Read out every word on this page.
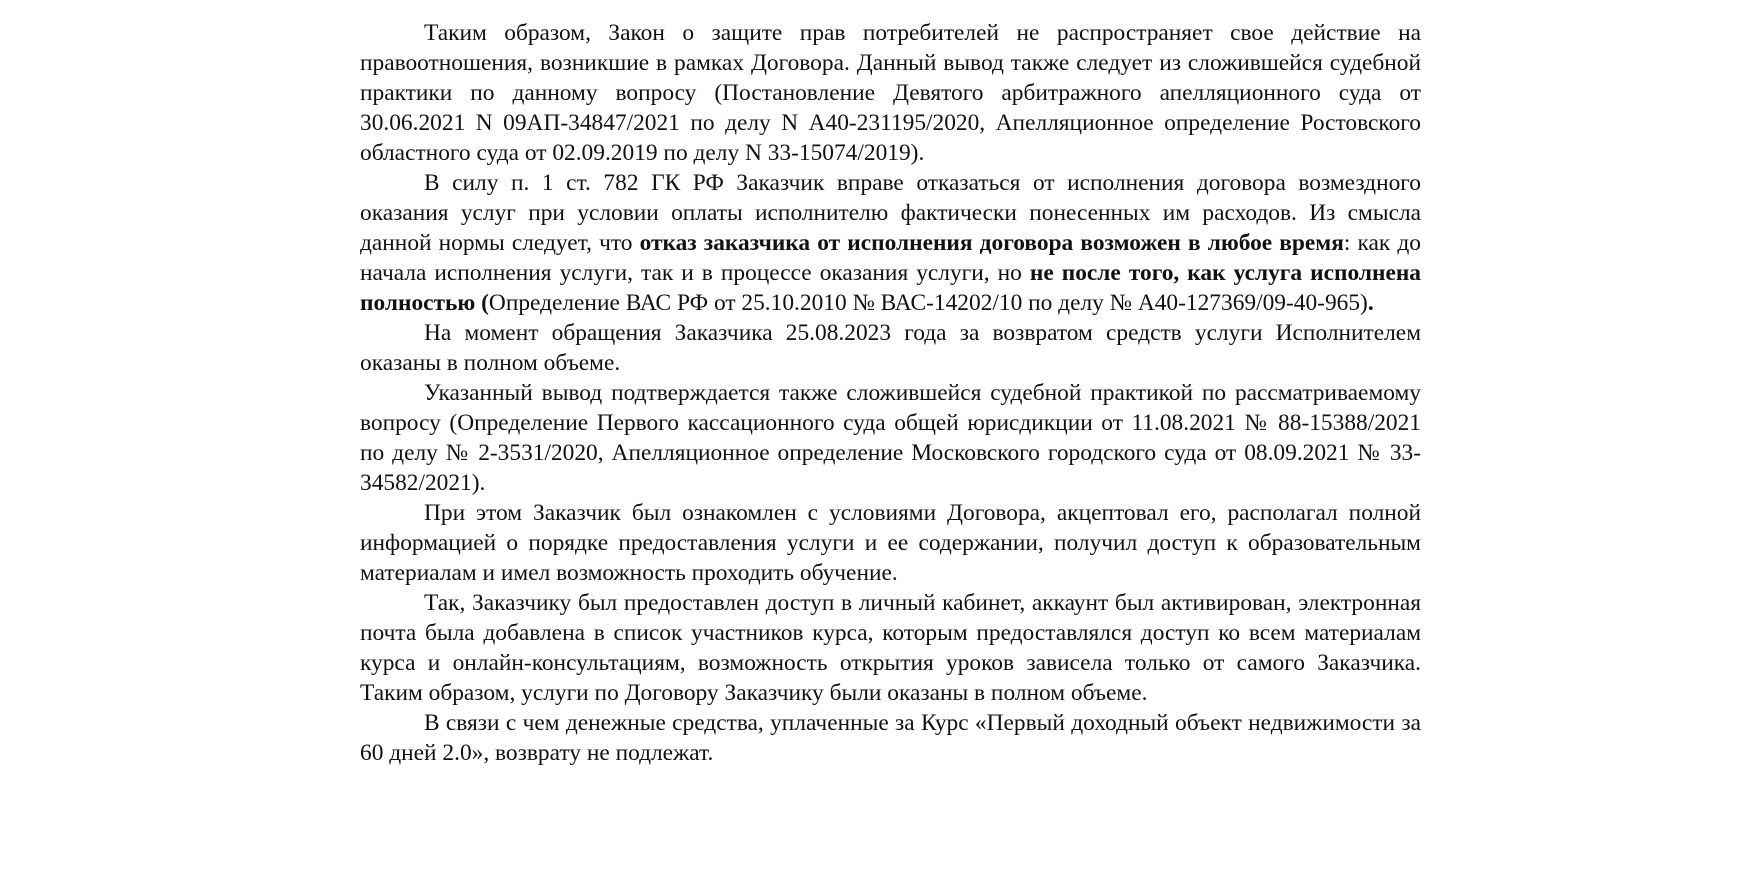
Таким образом, Закон о защите прав потребителей не распространяет свое действие на правоотношения, возникшие в рамках Договора. Данный вывод также следует из сложившейся судебной практики по данному вопросу (Постановление Девятого арбитражного апелляционного суда от 30.06.2021 N 09АП-34847/2021 по делу N А40-231195/2020, Апелляционное определение Ростовского областного суда от 02.09.2019 по делу N 33-15074/2019).

В силу п. 1 ст. 782 ГК РФ Заказчик вправе отказаться от исполнения договора возмездного оказания услуг при условии оплаты исполнителю фактически понесенных им расходов. Из смысла данной нормы следует, что отказ заказчика от исполнения договора возможен в любое время: как до начала исполнения услуги, так и в процессе оказания услуги, но не после того, как услуга исполнена полностью (Определение ВАС РФ от 25.10.2010 № ВАС-14202/10 по делу № А40-127369/09-40-965).

На момент обращения Заказчика 25.08.2023 года за возвратом средств услуги Исполнителем оказаны в полном объеме.

Указанный вывод подтверждается также сложившейся судебной практикой по рассматриваемому вопросу (Определение Первого кассационного суда общей юрисдикции от 11.08.2021 № 88-15388/2021 по делу № 2-3531/2020, Апелляционное определение Московского городского суда от 08.09.2021 № 33-34582/2021).

При этом Заказчик был ознакомлен с условиями Договора, акцептовал его, располагал полной информацией о порядке предоставления услуги и ее содержании, получил доступ к образовательным материалам и имел возможность проходить обучение.

Так, Заказчику был предоставлен доступ в личный кабинет, аккаунт был активирован, электронная почта была добавлена в список участников курса, которым предоставлялся доступ ко всем материалам курса и онлайн-консультациям, возможность открытия уроков зависела только от самого Заказчика. Таким образом, услуги по Договору Заказчику были оказаны в полном объеме.

В связи с чем денежные средства, уплаченные за Курс «Первый доходный объект недвижимости за 60 дней 2.0», возврату не подлежат.
